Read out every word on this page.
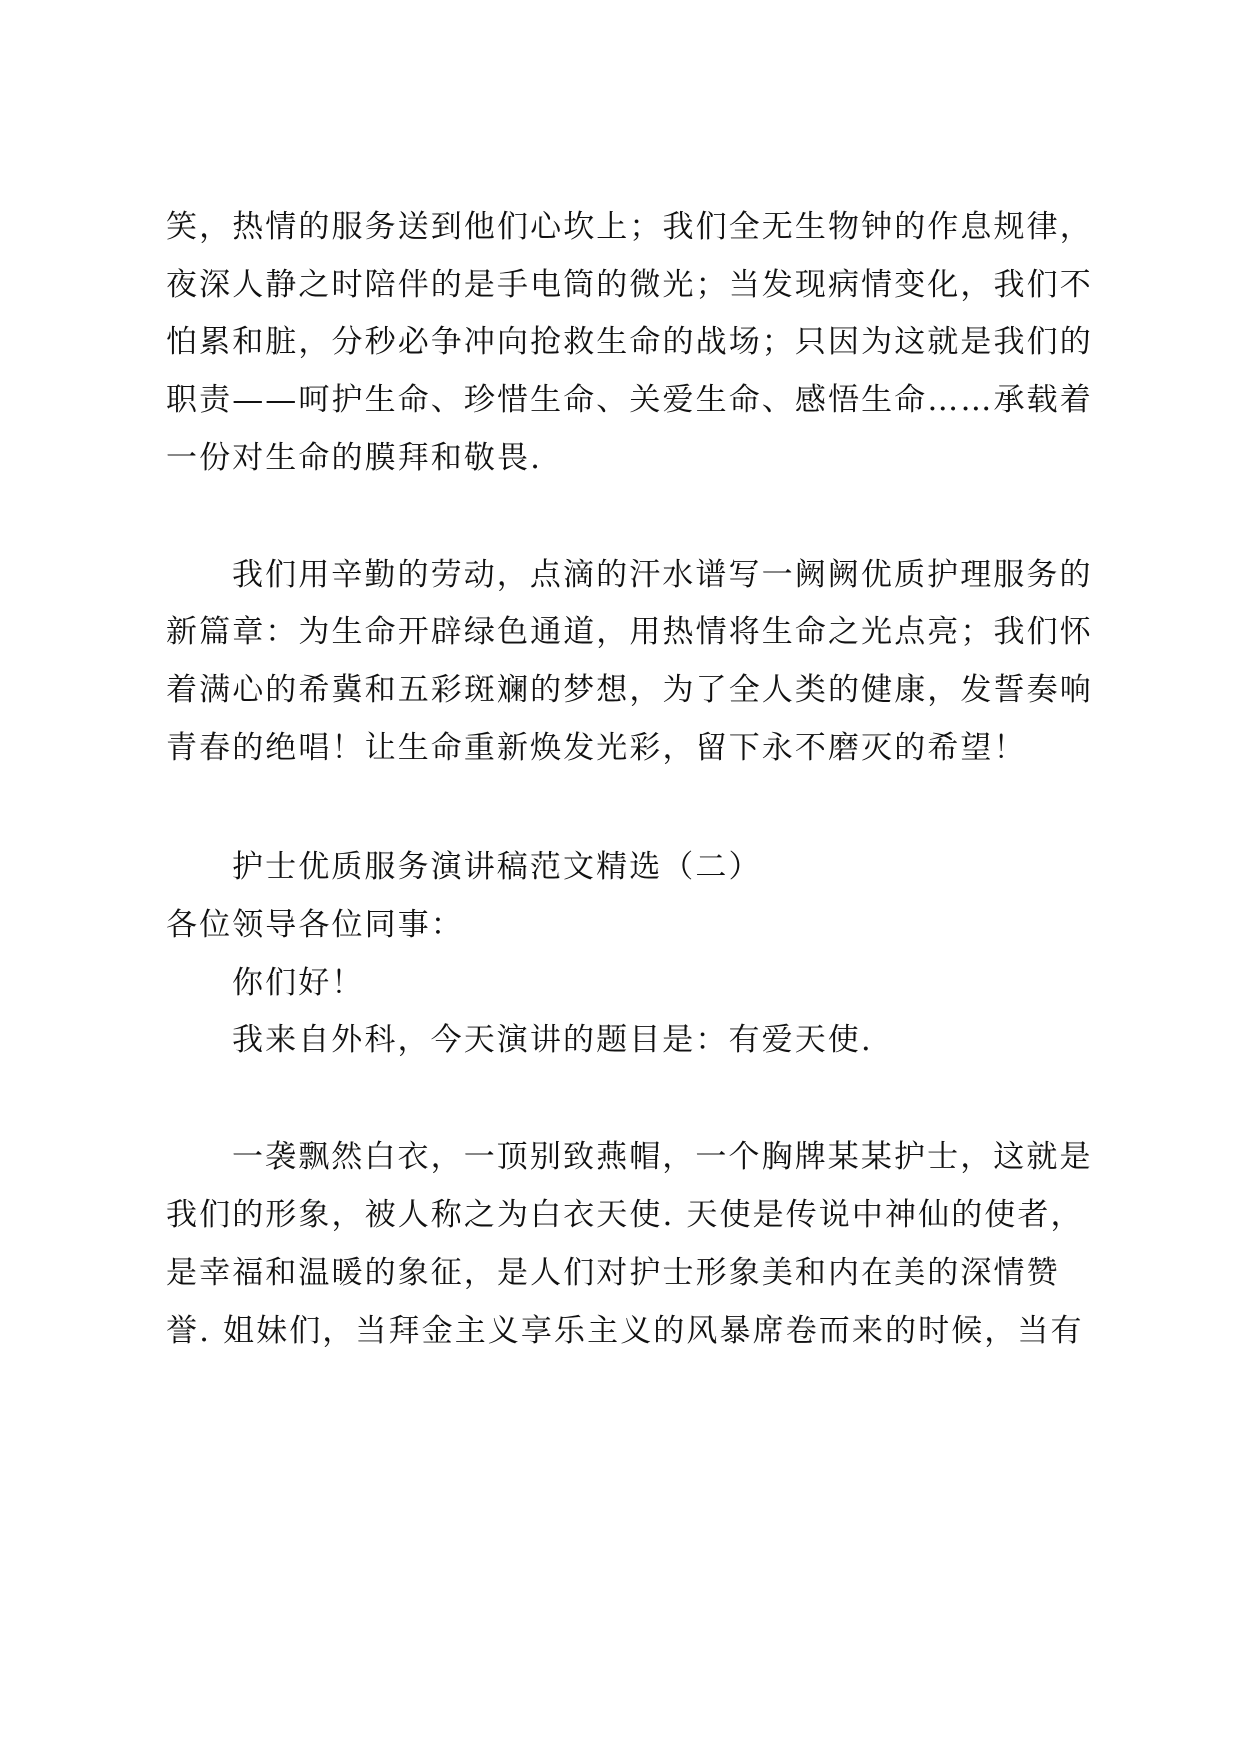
笑，热情的服务送到他们心坎上；我们全无生物钟的作息规律，
夜深人静之时陪伴的是手电筒的微光；当发现病情变化，我们不
怕累和脏，分秒必争冲向抢救生命的战场；只因为这就是我们的
职责——呵护生命、珍惜生命、关爱生命、感悟生命……承载着
一份对生命的膜拜和敬畏.
我们用辛勤的劳动，点滴的汗水谱写一阙阙优质护理服务的
新篇章：为生命开辟绿色通道，用热情将生命之光点亮；我们怀
着满心的希冀和五彩斑斓的梦想，为了全人类的健康，发誓奏响
青春的绝唱！让生命重新焕发光彩，留下永不磨灭的希望！
护士优质服务演讲稿范文精选（二）
各位领导各位同事：
你们好！
我来自外科，今天演讲的题目是：有爱天使.
一袭飘然白衣，一顶别致燕帽，一个胸牌某某护士，这就是
我们的形象，被人称之为白衣天使. 天使是传说中神仙的使者，
是幸福和温暖的象征，是人们对护士形象美和内在美的深情赞
誉. 姐妹们，当拜金主义享乐主义的风暴席卷而来的时候，当有
